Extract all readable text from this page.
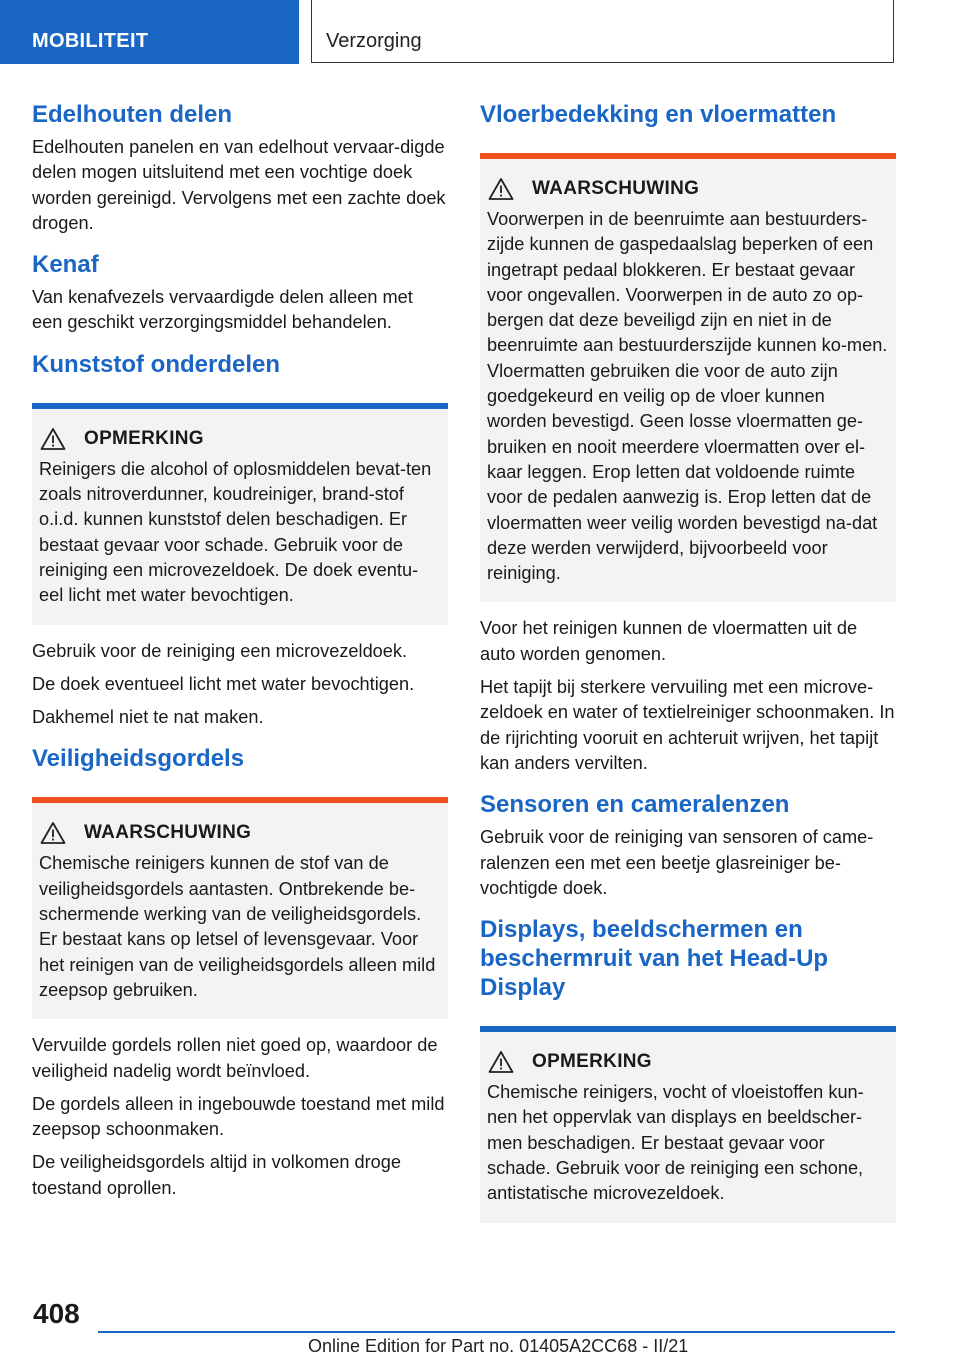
MOBILITEIT	Verzorging
Edelhouten delen

Edelhouten panelen en van edelhout vervaar-digde delen mogen uitsluitend met een vochtige doek worden gereinigd. Vervolgens met een zachte doek drogen.

Kenaf

Van kenafvezels vervaardigde delen alleen met een geschikt verzorgingsmiddel behandelen.

Kunststof onderdelen
OPMERKING

Reinigers die alcohol of oplosmiddelen bevat-ten zoals nitroverdunner, koudreiniger, brand-stof o.i.d. kunnen kunststof delen beschadigen. Er bestaat gevaar voor schade. Gebruik voor de reiniging een microvezeldoek. De doek eventu-eel licht met water bevochtigen.

Gebruik voor de reiniging een microvezeldoek.

De doek eventueel licht met water bevochtigen.

Dakhemel niet te nat maken.

Veiligheidsgordels
WAARSCHUWING

Chemische reinigers kunnen de stof van de veiligheidsgordels aantasten. Ontbrekende be-schermende werking van de veiligheidsgordels. Er bestaat kans op letsel of levensgevaar. Voor het reinigen van de veiligheidsgordels alleen mild zeepsop gebruiken.

Vervuilde gordels rollen niet goed op, waardoor de veiligheid nadelig wordt beïnvloed.

De gordels alleen in ingebouwde toestand met mild zeepsop schoonmaken.

De veiligheidsgordels altijd in volkomen droge toestand oprollen.

Vloerbedekking en vloermatten
WAARSCHUWING

Voorwerpen in de beenruimte aan bestuurders-zijde kunnen de gaspedaalslag beperken of een ingetrapt pedaal blokkeren. Er bestaat gevaar voor ongevallen. Voorwerpen in de auto zo op-bergen dat deze beveiligd zijn en niet in de beenruimte aan bestuurderszijde kunnen ko-men. Vloermatten gebruiken die voor de auto zijn goedgekeurd en veilig op de vloer kunnen worden bevestigd. Geen losse vloermatten ge-bruiken en nooit meerdere vloermatten over el-kaar leggen. Erop letten dat voldoende ruimte voor de pedalen aanwezig is. Erop letten dat de vloermatten weer veilig worden bevestigd na-dat deze werden verwijderd, bijvoorbeeld voor reiniging.

Voor het reinigen kunnen de vloermatten uit de auto worden genomen.

Het tapijt bij sterkere vervuiling met een microve-zeldoek en water of textielreiniger schoonmaken. In de rijrichting vooruit en achteruit wrijven, het tapijt kan anders vervilten.

Sensoren en cameralenzen

Gebruik voor de reiniging van sensoren of came-ralenzen een met een beetje glasreiniger be-vochtigde doek.

Displays, beeldschermen en beschermruit van het Head-Up Display
OPMERKING

Chemische reinigers, vocht of vloeistoffen kun-nen het oppervlak van displays en beeldscher-men beschadigen. Er bestaat gevaar voor schade. Gebruik voor de reiniging een schone, antistatische microvezeldoek.

408
Online Edition for Part no. 01405A2CC68 - II/21
